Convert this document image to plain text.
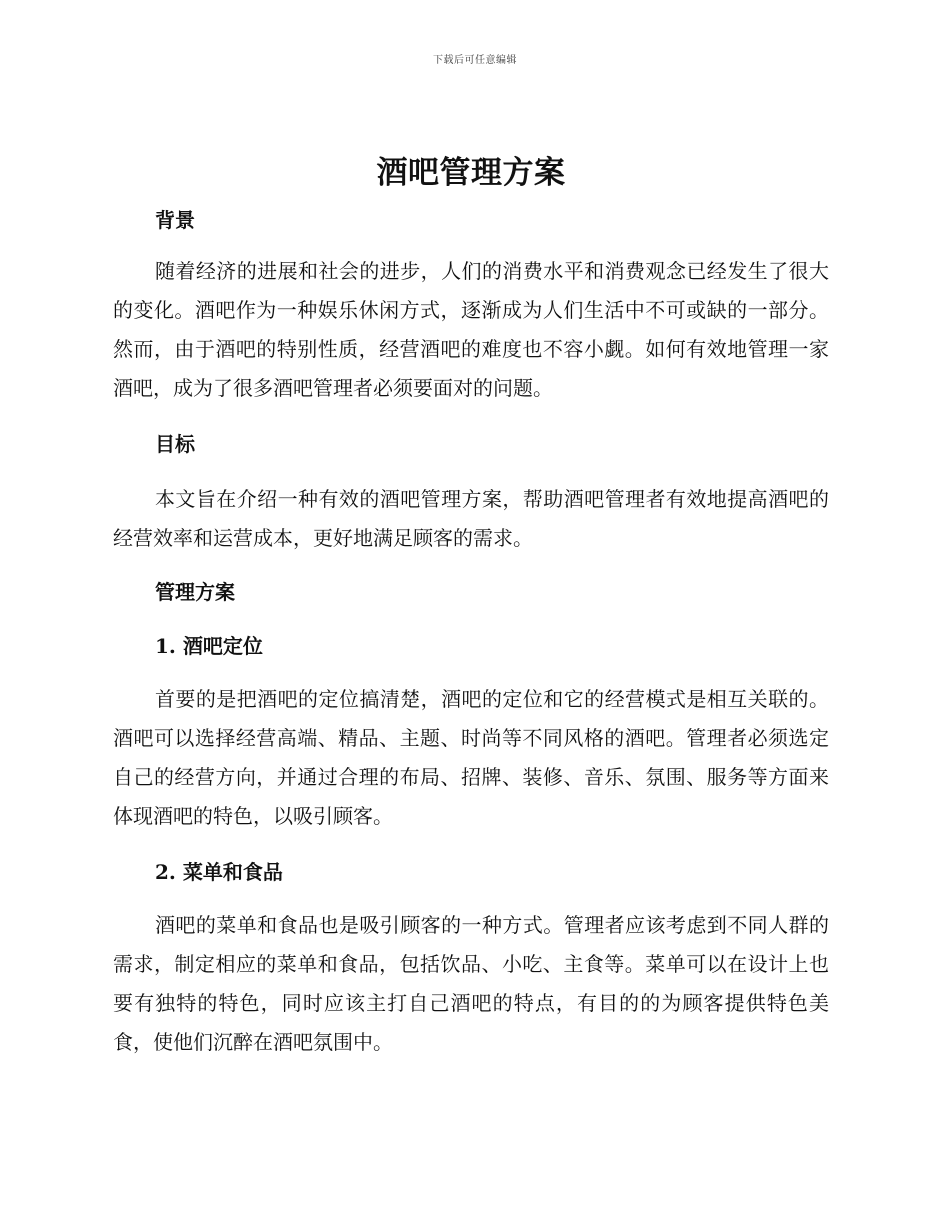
下载后可任意编辑
酒吧管理方案
背景

随着经济的进展和社会的进步，人们的消费水平和消费观念已经发生了很大的变化。酒吧作为一种娱乐休闲方式，逐渐成为人们生活中不可或缺的一部分。然而，由于酒吧的特别性质，经营酒吧的难度也不容小觑。如何有效地管理一家酒吧，成为了很多酒吧管理者必须要面对的问题。

目标

本文旨在介绍一种有效的酒吧管理方案，帮助酒吧管理者有效地提高酒吧的经营效率和运营成本，更好地满足顾客的需求。

管理方案
1. 酒吧定位

首要的是把酒吧的定位搞清楚，酒吧的定位和它的经营模式是相互关联的。酒吧可以选择经营高端、精品、主题、时尚等不同风格的酒吧。管理者必须选定自己的经营方向，并通过合理的布局、招牌、装修、音乐、氛围、服务等方面来体现酒吧的特色，以吸引顾客。

2. 菜单和食品

酒吧的菜单和食品也是吸引顾客的一种方式。管理者应该考虑到不同人群的需求，制定相应的菜单和食品，包括饮品、小吃、主食等。菜单可以在设计上也要有独特的特色，同时应该主打自己酒吧的特点，有目的的为顾客提供特色美食，使他们沉醉在酒吧氛围中。
